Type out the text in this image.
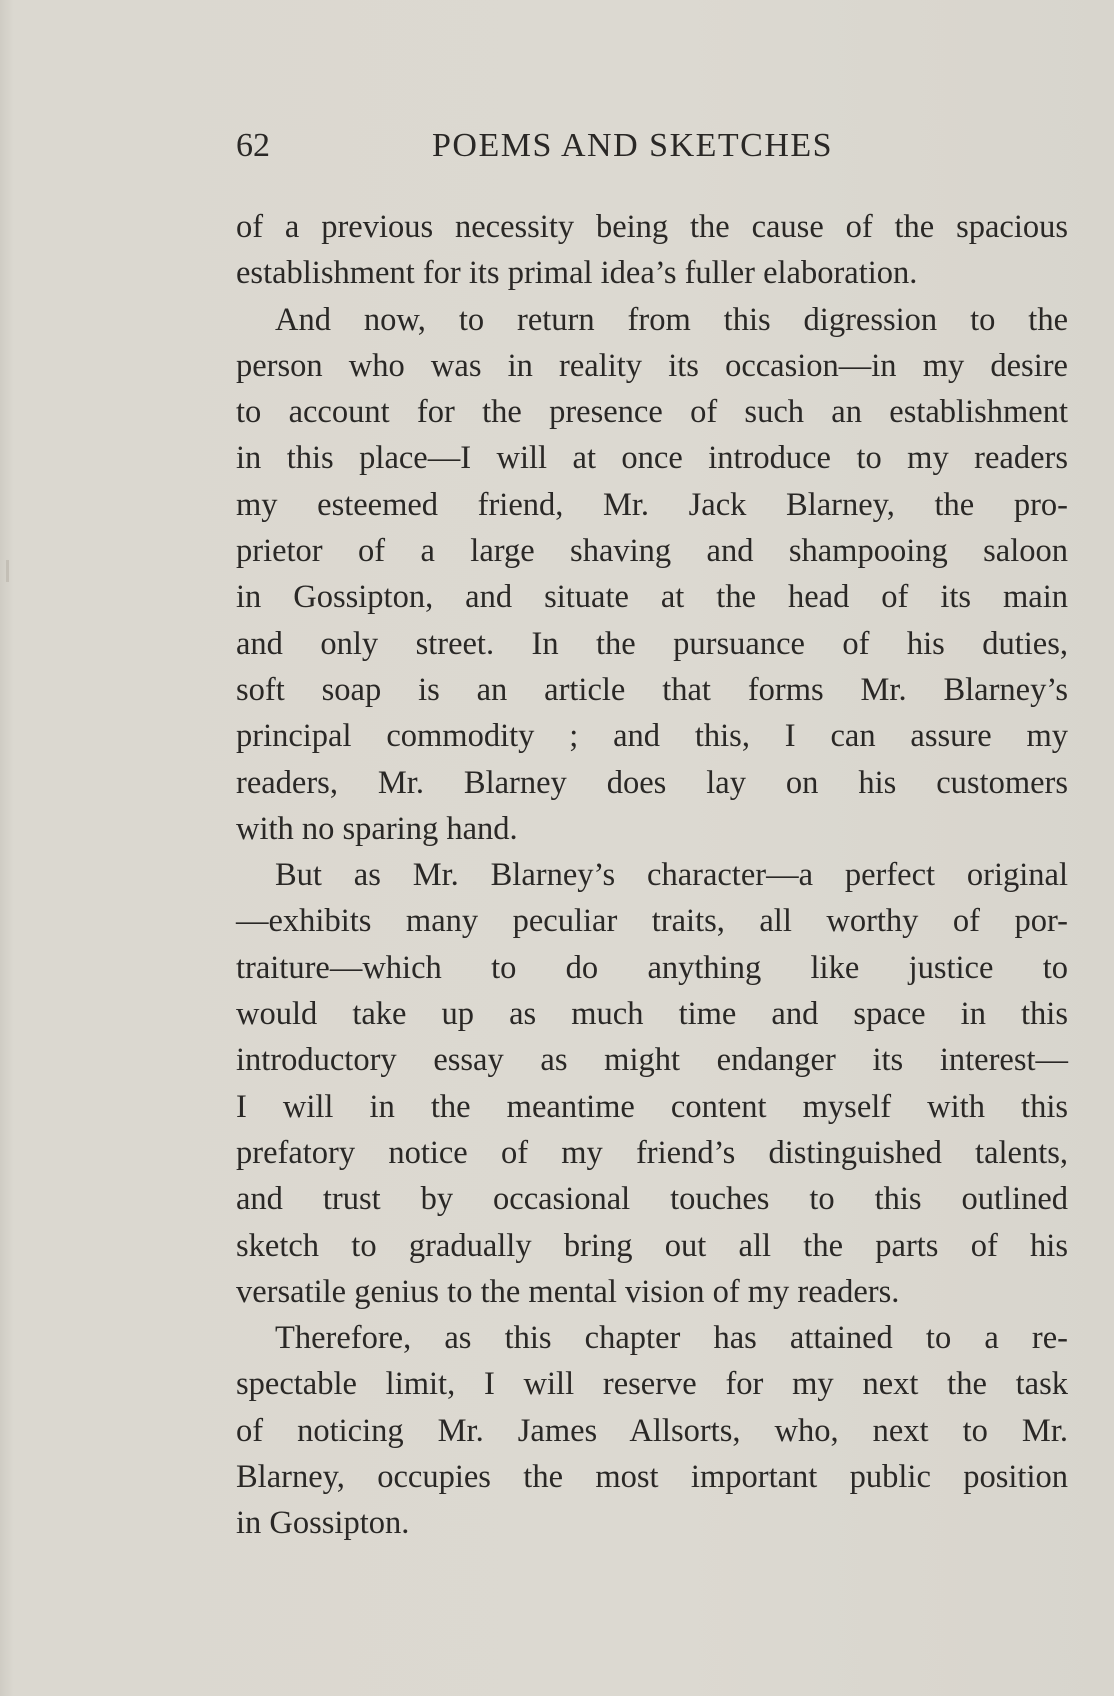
62	POEMS AND SKETCHES
of a previous necessity being the cause of the spacious
establishment for its primal idea’s fuller elaboration.
And now, to return from this digression to the
person who was in reality its occasion—in my desire
to account for the presence of such an establishment
in this place—I will at once introduce to my readers
my esteemed friend, Mr. Jack Blarney, the pro-
prietor of a large shaving and shampooing saloon
in Gossipton, and situate at the head of its main
and only street. In the pursuance of his duties,
soft soap is an article that forms Mr. Blarney’s
principal commodity ; and this, I can assure my
readers, Mr. Blarney does lay on his customers
with no sparing hand.
But as Mr. Blarney’s character—a perfect original
—exhibits many peculiar traits, all worthy of por-
traiture—which to do anything like justice to
would take up as much time and space in this
introductory essay as might endanger its interest—
I will in the meantime content myself with this
prefatory notice of my friend’s distinguished talents,
and trust by occasional touches to this outlined
sketch to gradually bring out all the parts of his
versatile genius to the mental vision of my readers.
Therefore, as this chapter has attained to a re-
spectable limit, I will reserve for my next the task
of noticing Mr. James Allsorts, who, next to Mr.
Blarney, occupies the most important public position
in Gossipton.
